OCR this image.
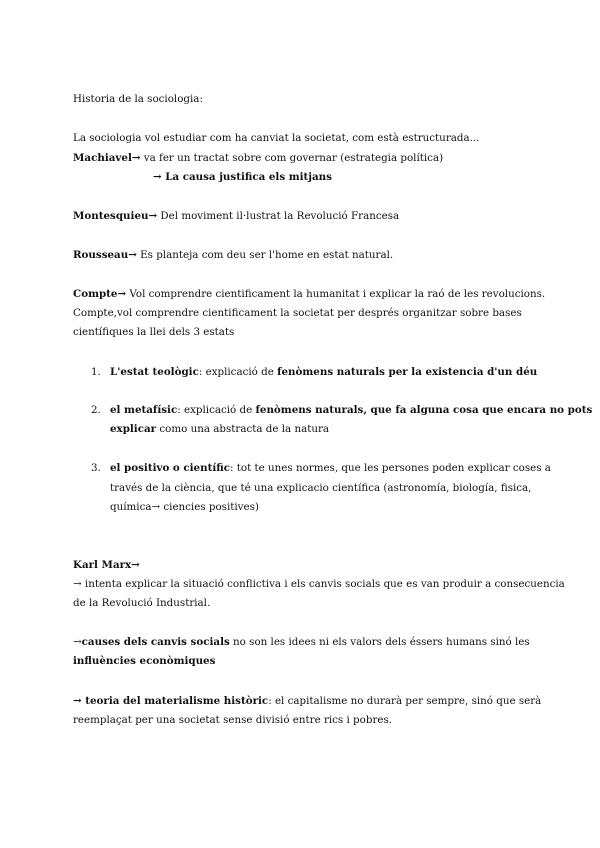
Historia de la sociologia:
La sociologia vol estudiar com ha canviat la societat, com està estructurada...
Machiavel→ va fer un tractat sobre com governar (estrategia política)
→ La causa justifica els mitjans
Montesquieu→ Del moviment il·lustrat la Revolució Francesa
Rousseau→ Es planteja com deu ser l'home en estat natural.
Compte→ Vol comprendre cientificament la humanitat i explicar la raó de les revolucions.
Compte,vol comprendre cientificament la societat per després organitzar sobre bases
científiques la llei dels 3 estats
1. L'estat teològic: explicació de fenòmens naturals per la existencia d'un déu
2. el metafísic: explicació de fenòmens naturals, que fa alguna cosa que encara no pots
explicar como una abstracta de la natura
3. el positivo o científic: tot te unes normes, que les persones poden explicar coses a
través de la ciència, que té una explicacio científica (astronomía, biología, fisica,
química→ ciencies positives)
Karl Marx→
→ intenta explicar la situació conflictiva i els canvis socials que es van produir a consecuencia
de la Revolució Industrial.
→causes dels canvis socials no son les idees ni els valors dels éssers humans sinó les
influències econòmiques
→ teoria del materialisme històric: el capitalisme no durarà per sempre, sinó que serà
reemplaçat per una societat sense divisió entre rics i pobres.
